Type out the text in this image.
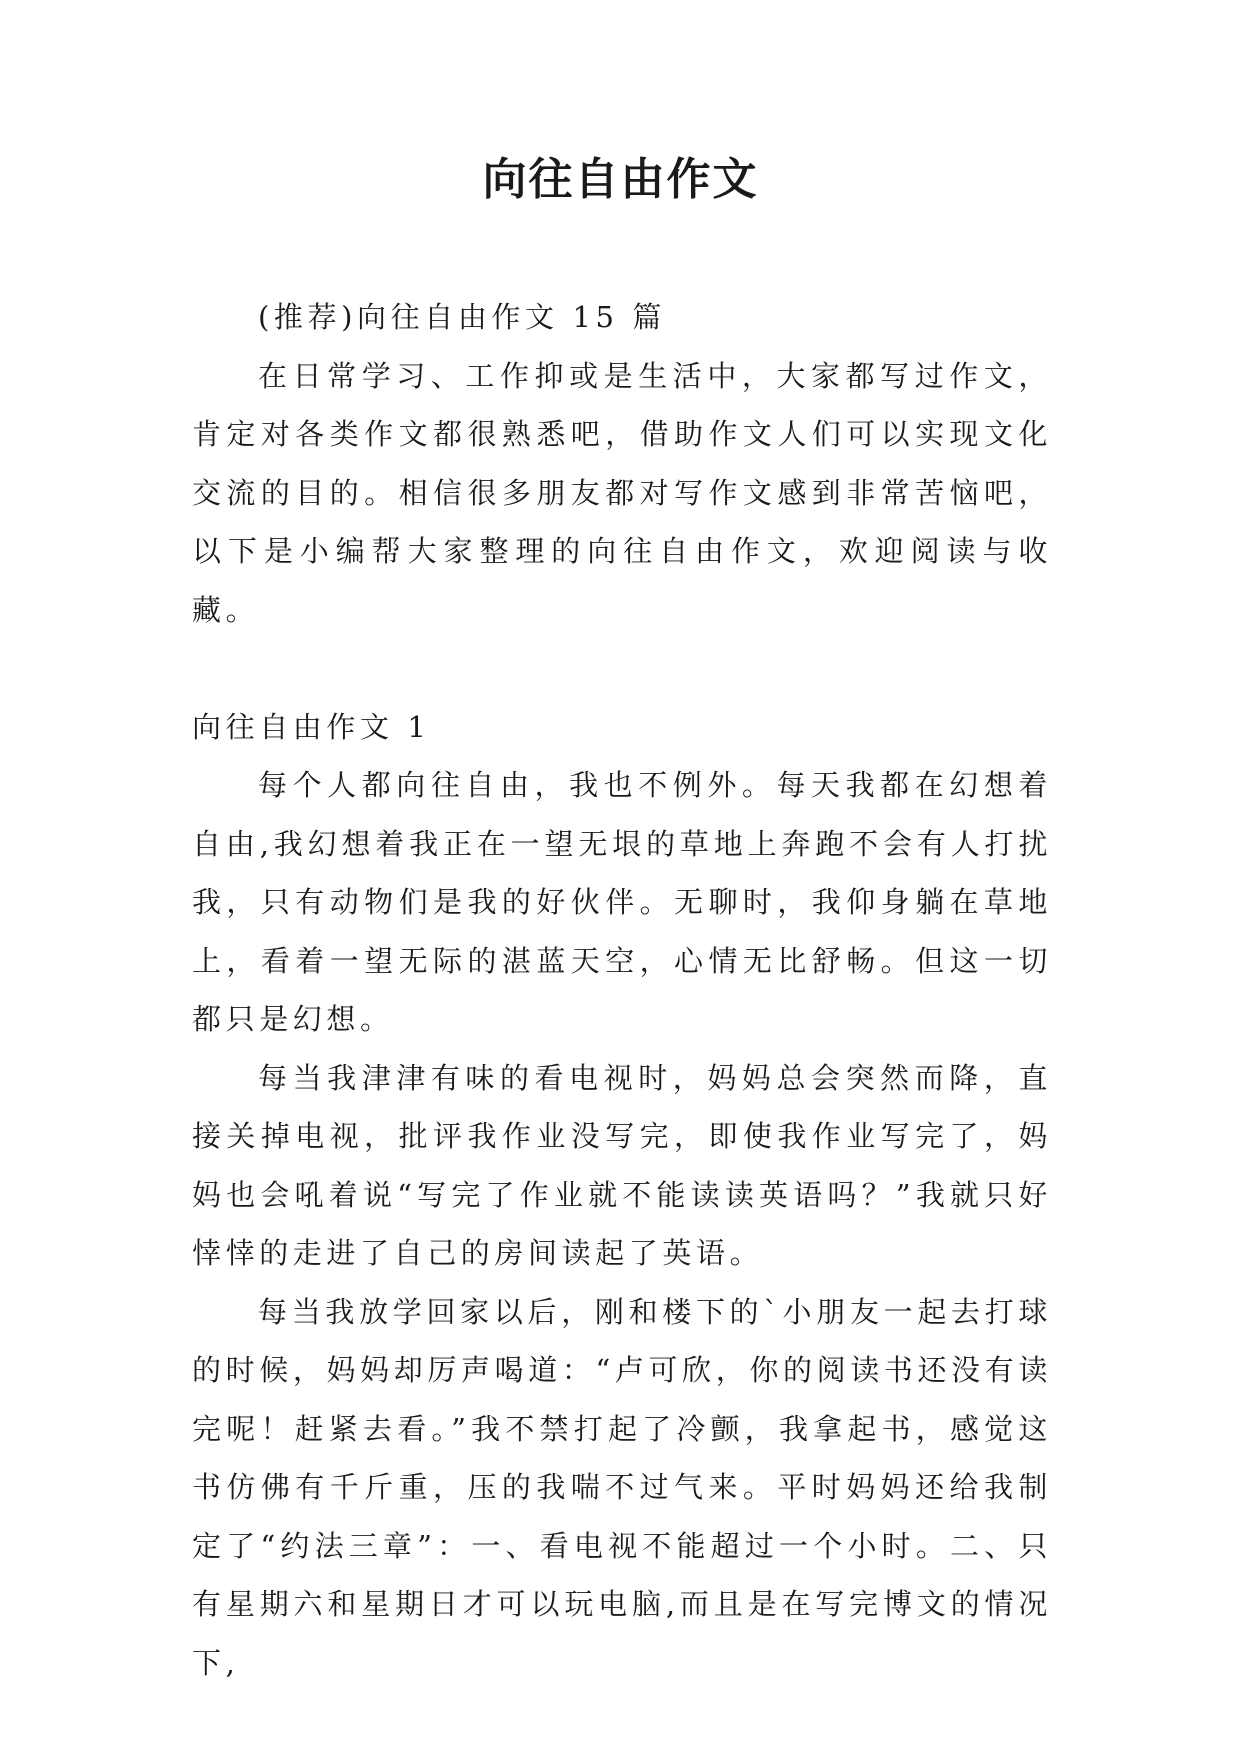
向往自由作文

(推荐)向往自由作文 15 篇

在日常学习、工作抑或是生活中，大家都写过作文，肯定对各类作文都很熟悉吧，借助作文人们可以实现文化交流的目的。相信很多朋友都对写作文感到非常苦恼吧，以下是小编帮大家整理的向往自由作文，欢迎阅读与收藏。

向往自由作文 1

每个人都向往自由，我也不例外。每天我都在幻想着自由,我幻想着我正在一望无垠的草地上奔跑不会有人打扰我，只有动物们是我的好伙伴。无聊时，我仰身躺在草地上，看着一望无际的湛蓝天空，心情无比舒畅。但这一切都只是幻想。

每当我津津有味的看电视时，妈妈总会突然而降，直接关掉电视，批评我作业没写完，即使我作业写完了，妈妈也会吼着说“写完了作业就不能读读英语吗？”我就只好悻悻的走进了自己的房间读起了英语。

每当我放学回家以后，刚和楼下的`小朋友一起去打球的时候，妈妈却厉声喝道：“卢可欣，你的阅读书还没有读完呢！赶紧去看。”我不禁打起了冷颤，我拿起书，感觉这书仿佛有千斤重，压的我喘不过气来。平时妈妈还给我制定了“约法三章”：一、看电视不能超过一个小时。二、只有星期六和星期日才可以玩电脑,而且是在写完博文的情况下,
